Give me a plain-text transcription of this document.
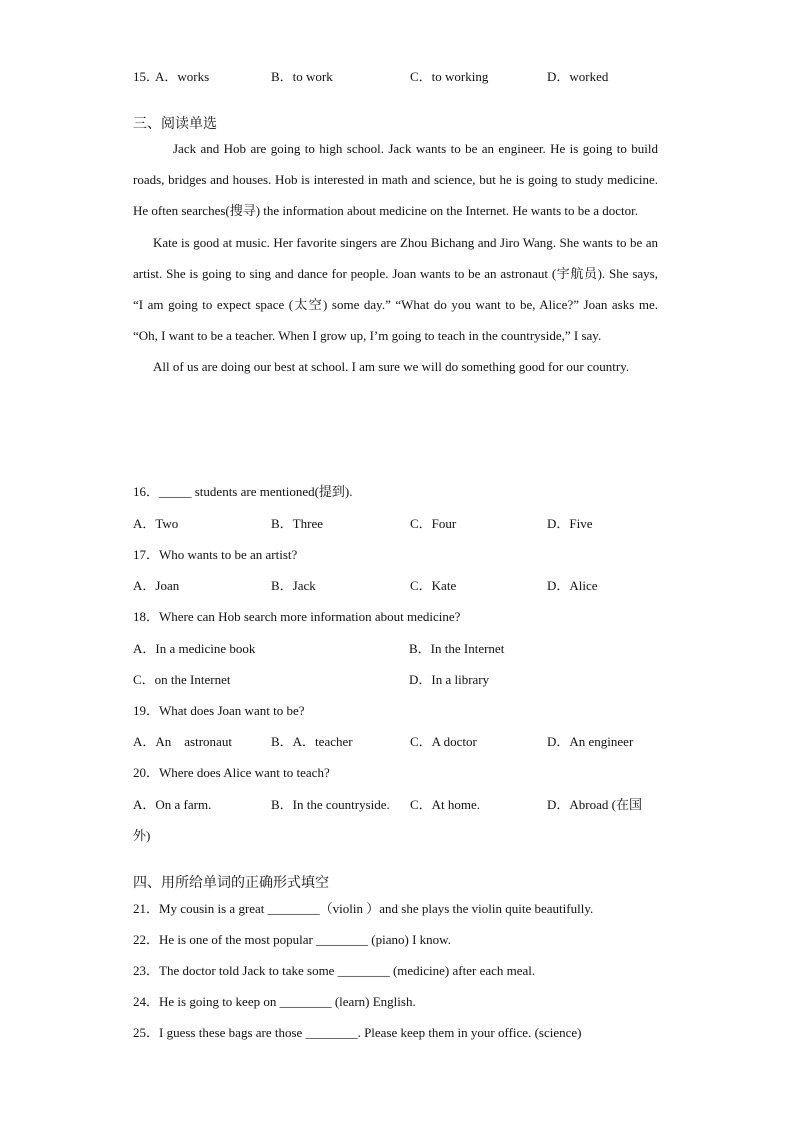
15．
A．works	B．to work	C．to working	D．worked
三、阅读单选

Jack and Hob are going to high school. Jack wants to be an engineer. He is going to build roads, bridges and houses. Hob is interested in math and science, but he is going to study medicine. He often searches(搜寻) the information about medicine on the Internet. He wants to be a doctor.

Kate is good at music. Her favorite singers are Zhou Bichang and Jiro Wang. She wants to be an artist. She is going to sing and dance for people. Joan wants to be an astronaut (宇航员). She says, “I am going to expect space (太空) some day.” “What do you want to be, Alice?” Joan asks me. “Oh, I want to be a teacher. When I grow up, I’m going to teach in the countryside,” I say.

All of us are doing our best at school. I am sure we will do something good for our country.

16．_____ students are mentioned(提到).
A．Two	B．Three	C．Four	D．Five
17．Who wants to be an artist?
A．Joan	B．Jack	C．Kate	D．Alice
18．Where can Hob search more information about medicine?
A．In a medicine book	B．In the Internet
C．on the Internet	D．In a library
19．What does Joan want to be?
A．An    astronaut	B．A．teacher	C．A doctor	D．An engineer
20．Where does Alice want to teach?
A．On a farm.	B．In the countryside. C．At home.	D．Abroad (在国
外)
四、用所给单词的正确形式填空
21．My cousin is a great ________（violin ）and she plays the violin quite beautifully.
22．He is one of the most popular ________ (piano) I know.
23．The doctor told Jack to take some ________ (medicine) after each meal.
24．He is going to keep on ________ (learn) English.
25．I guess these bags are those ________. Please keep them in your office. (science)
